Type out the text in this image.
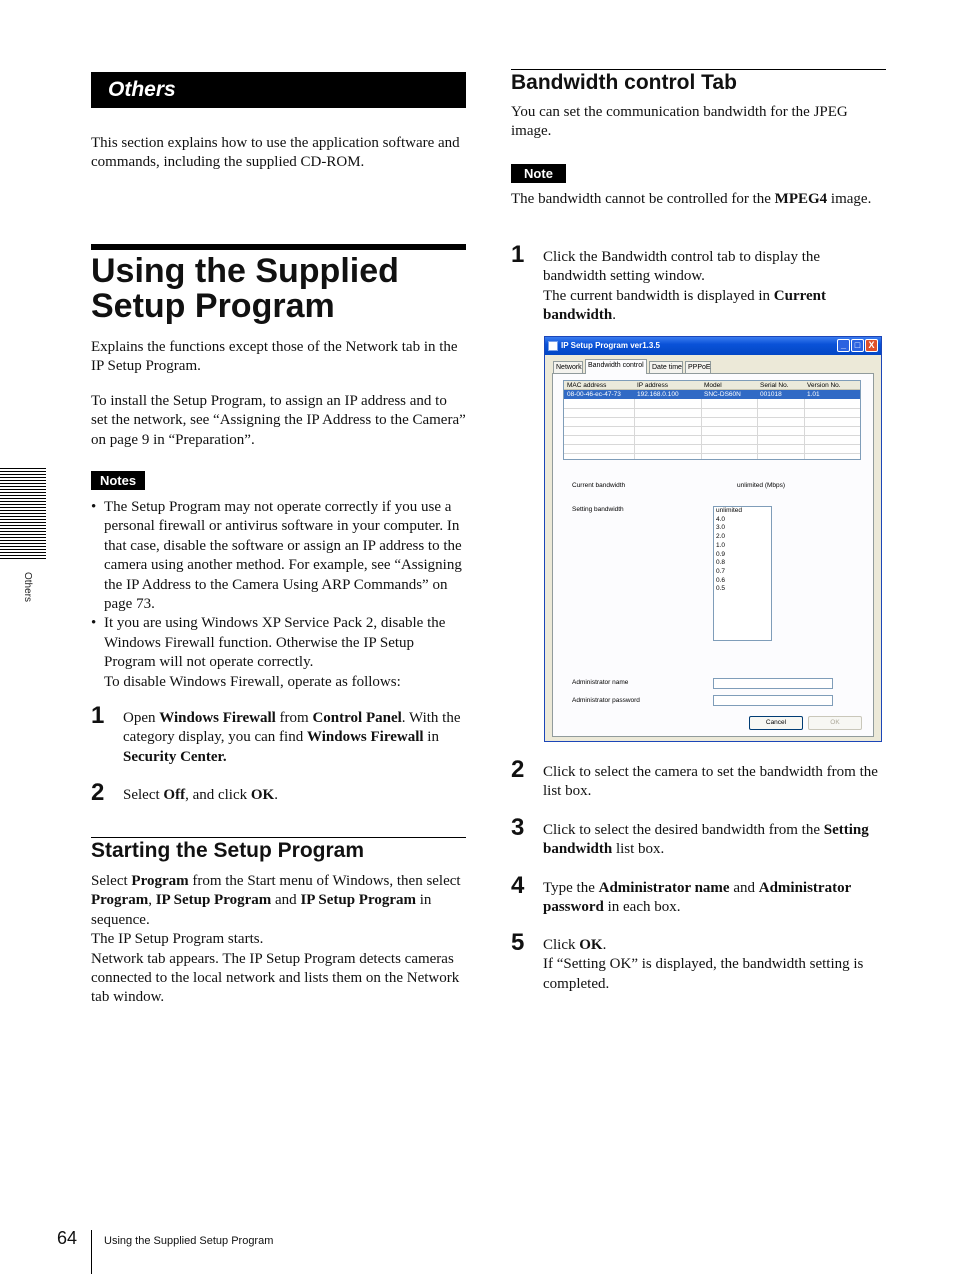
Others
Others

This section explains how to use the application software and commands, including the supplied CD-ROM.

Using the Supplied
Setup Program

Explains the functions except those of the Network tab in the IP Setup Program.

To install the Setup Program, to assign an IP address and to set the network, see “Assigning the IP Address to the Camera” on page 9 in “Preparation”.

Notes
• The Setup Program may not operate correctly if you use a personal firewall or antivirus software in your computer. In that case, disable the software or assign an IP address to the camera using another method. For example, see “Assigning the IP Address to the Camera Using ARP Commands” on page 73.
• It you are using Windows XP Service Pack 2, disable the Windows Firewall function. Otherwise the IP Setup Program will not operate correctly.
To disable Windows Firewall, operate as follows:
1 Open Windows Firewall from Control Panel. With the category display, you can find Windows Firewall in Security Center.

2 Select Off, and click OK.

Starting the Setup Program

Select Program from the Start menu of Windows, then select Program, IP Setup Program and IP Setup Program in sequence.
The IP Setup Program starts.
Network tab appears. The IP Setup Program detects cameras connected to the local network and lists them on the Network tab window.

Bandwidth control Tab

You can set the communication bandwidth for the JPEG image.

Note

The bandwidth cannot be controlled for the MPEG4 image.

1 Click the Bandwidth control tab to display the bandwidth setting window.
The current bandwidth is displayed in Current bandwidth.

IP Setup Program ver1.3.5	_ □ X
Network Bandwidth control	Date time PPPoE
MAC address	IP address	Model	Serial No.	Version No.
08-00-46-ec-47-73 192.168.0.100	SNC-DS60N	001018	1.01
Current bandwidth	unlimited (Mbps)
Setting bandwidth	unlimited
4.0
3.0
2.0
1.0
0.9
0.8
0.7
0.6
0.5
Administrator name
Administrator password
Cancel	OK
2 Click to select the camera to set the bandwidth from the list box.

3 Click to select the desired bandwidth from the Setting bandwidth list box.

4 Type the Administrator name and Administrator password in each box.

5 Click OK.
If “Setting OK” is displayed, the bandwidth setting is completed.

64 Using the Supplied Setup Program
